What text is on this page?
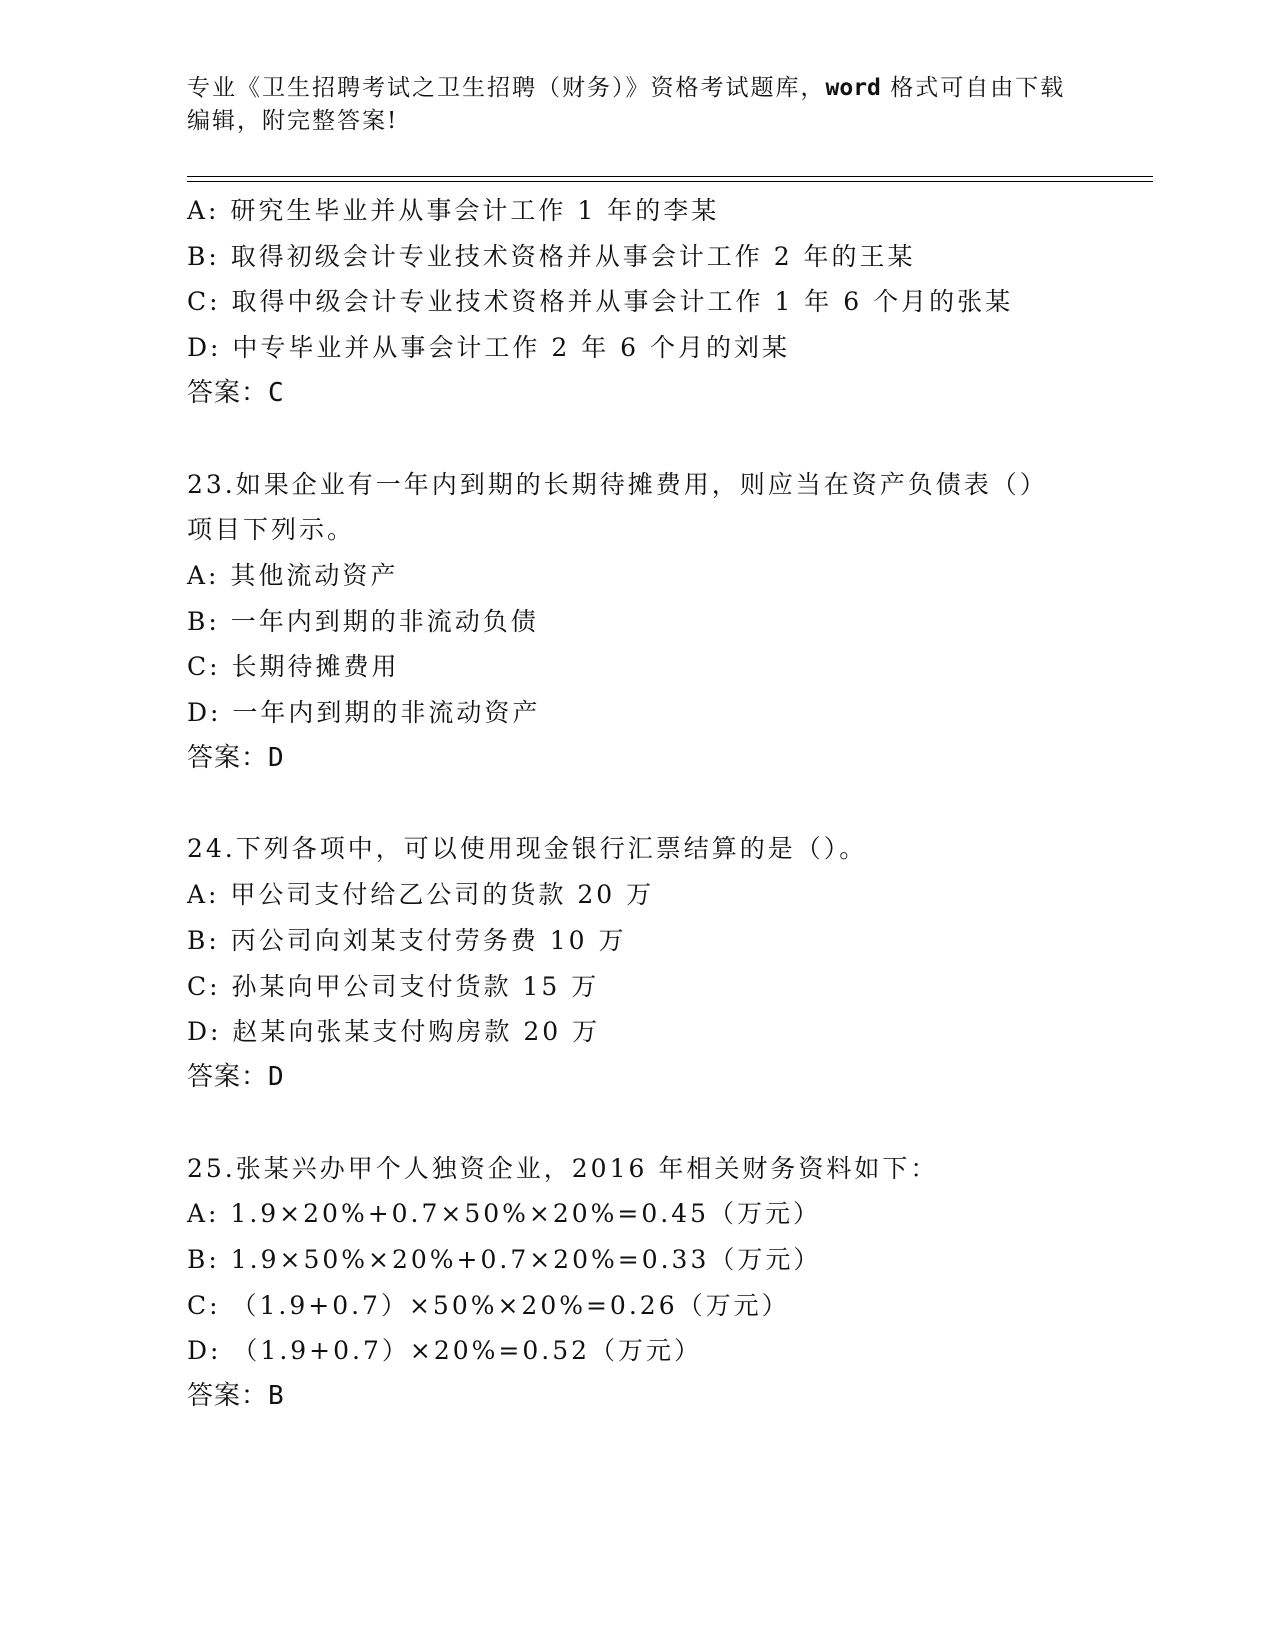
专业《卫生招聘考试之卫生招聘（财务）》资格考试题库，word 格式可自由下载编辑，附完整答案!
A: 研究生毕业并从事会计工作 1 年的李某
B: 取得初级会计专业技术资格并从事会计工作 2 年的王某
C: 取得中级会计专业技术资格并从事会计工作 1 年 6 个月的张某
D: 中专毕业并从事会计工作 2 年 6 个月的刘某
答案：C
23.如果企业有一年内到期的长期待摊费用，则应当在资产负债表（）
项目下列示。
A: 其他流动资产
B: 一年内到期的非流动负债
C: 长期待摊费用
D: 一年内到期的非流动资产
答案：D
24.下列各项中，可以使用现金银行汇票结算的是（）。
A: 甲公司支付给乙公司的货款 20 万
B: 丙公司向刘某支付劳务费 10 万
C: 孙某向甲公司支付货款 15 万
D: 赵某向张某支付购房款 20 万
答案：D
25.张某兴办甲个人独资企业，2016 年相关财务资料如下：
A: 1.9×20%+0.7×50%×20%=0.45（万元）
B: 1.9×50%×20%+0.7×20%=0.33（万元）
C: （1.9+0.7）×50%×20%=0.26（万元）
D: （1.9+0.7）×20%=0.52（万元）
答案：B
